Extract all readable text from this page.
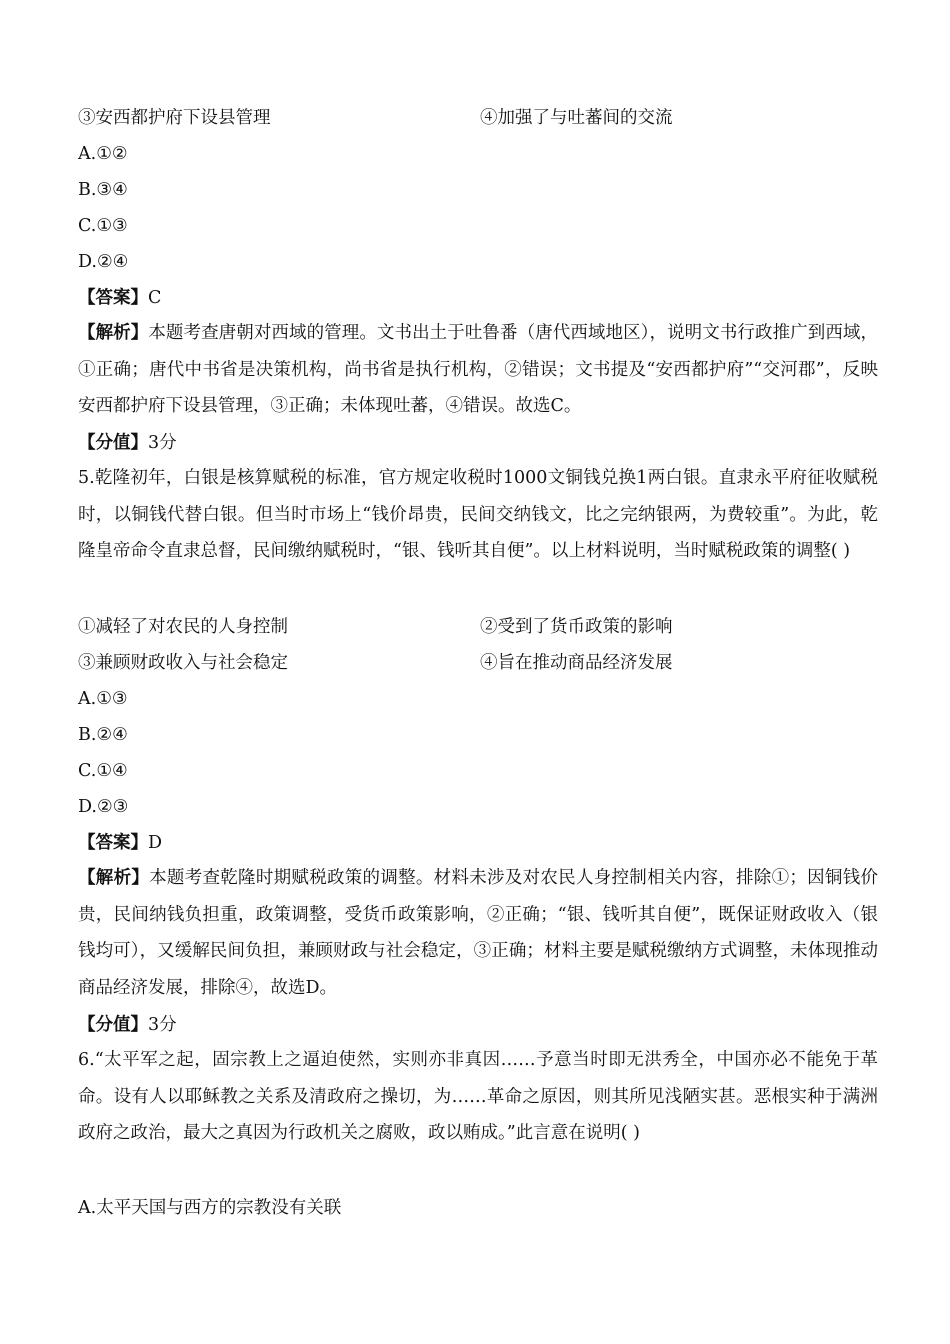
③安西都护府下设县管理	④加强了与吐蕃间的交流
A.①②
B.③④
C.①③
D.②④
【答案】C
【解析】本题考查唐朝对西域的管理。文书出土于吐鲁番（唐代西域地区），说明文书行政推广到西域，①正确；唐代中书省是决策机构，尚书省是执行机构，②错误；文书提及“安西都护府”“交河郡”，反映安西都护府下设县管理，③正确；未体现吐蕃，④错误。故选C。
【分值】3分
5.乾隆初年，白银是核算赋税的标准，官方规定收税时1000文铜钱兑换1两白银。直隶永平府征收赋税时，以铜钱代替白银。但当时市场上“钱价昂贵，民间交纳钱文，比之完纳银两，为费较重”。为此，乾隆皇帝命令直隶总督，民间缴纳赋税时，“银、钱听其自便”。以上材料说明，当时赋税政策的调整( )
①减轻了对农民的人身控制	②受到了货币政策的影响
③兼顾财政收入与社会稳定	④旨在推动商品经济发展
A.①③
B.②④
C.①④
D.②③
【答案】D
【解析】本题考查乾隆时期赋税政策的调整。材料未涉及对农民人身控制相关内容，排除①；因铜钱价贵，民间纳钱负担重，政策调整，受货币政策影响，②正确；“银、钱听其自便”，既保证财政收入（银钱均可），又缓解民间负担，兼顾财政与社会稳定，③正确；材料主要是赋税缴纳方式调整，未体现推动商品经济发展，排除④，故选D。
【分值】3分
6.“太平军之起，固宗教上之逼迫使然，实则亦非真因……予意当时即无洪秀全，中国亦必不能免于革命。设有人以耶稣教之关系及清政府之操切，为……革命之原因，则其所见浅陋实甚。恶根实种于满洲政府之政治，最大之真因为行政机关之腐败，政以贿成。”此言意在说明( )
A.太平天国与西方的宗教没有关联
